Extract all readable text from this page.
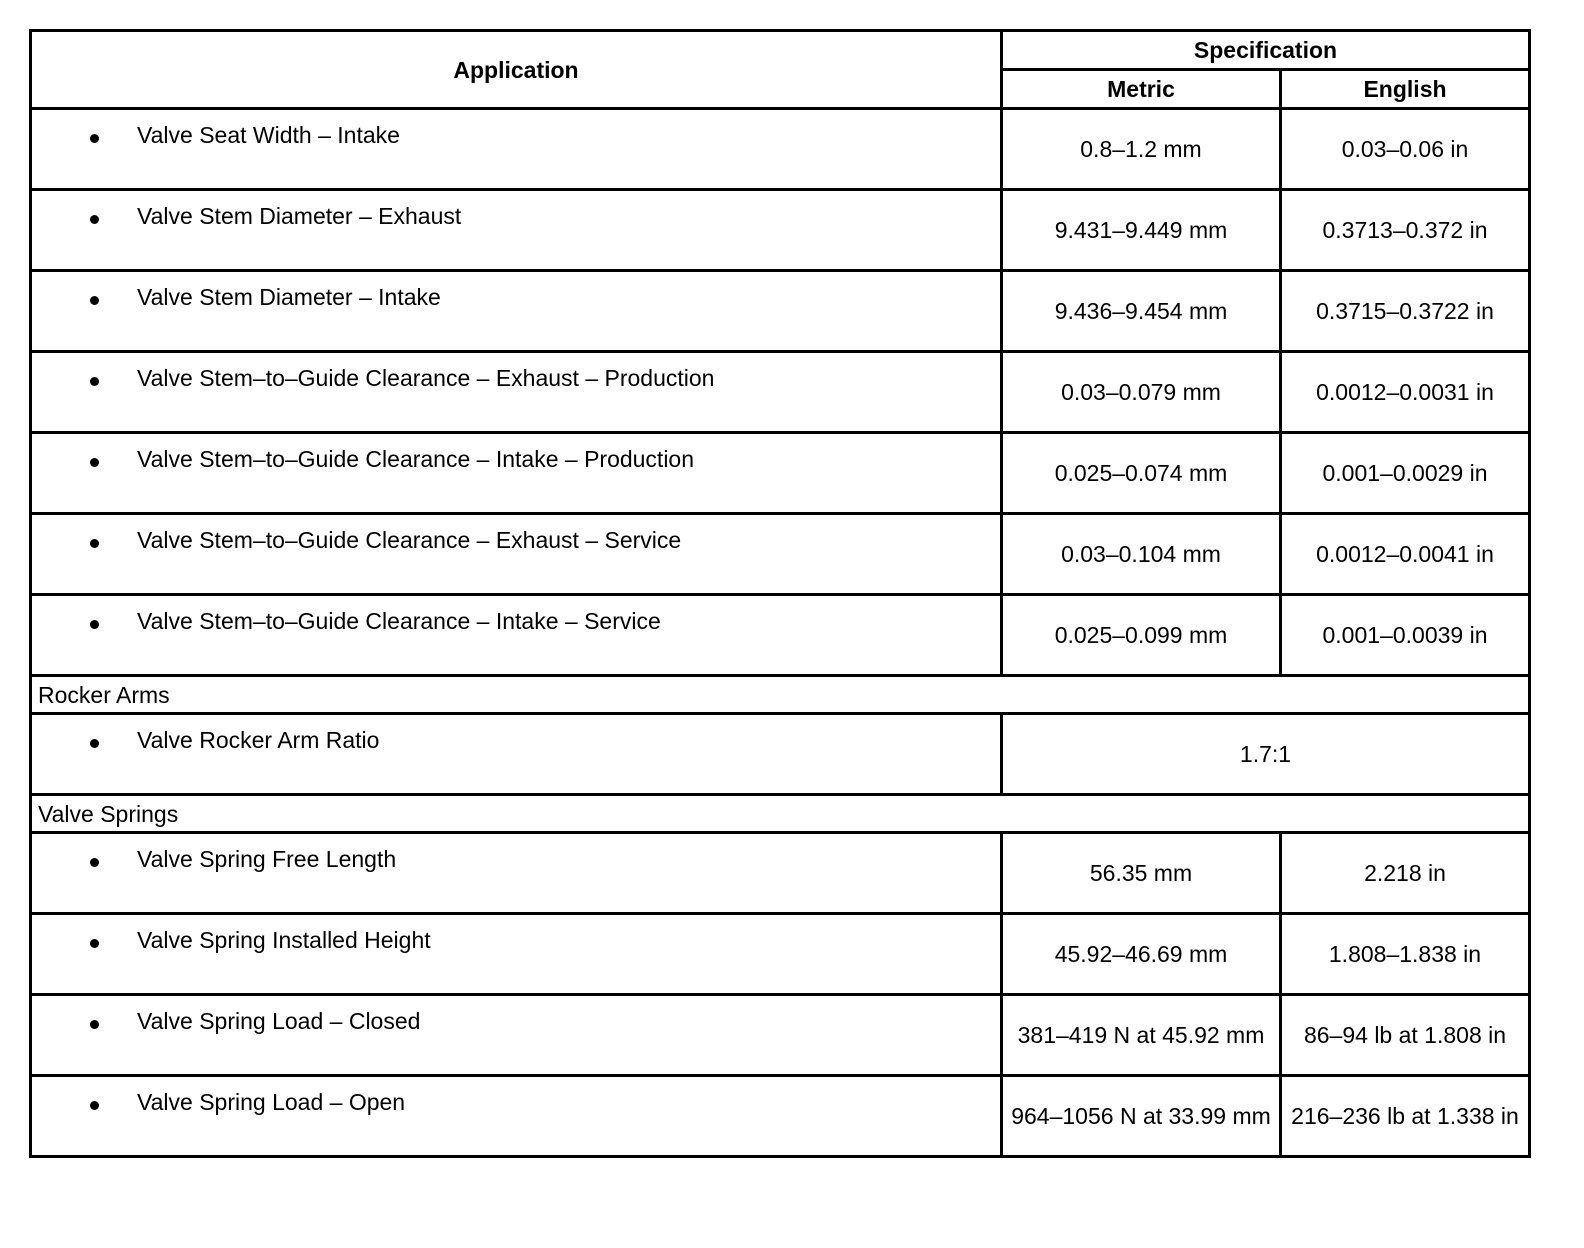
Application	Specification	
	Metric	English

Valve Seat Width – Intake	0.8–1.2 mm	0.03–0.06 in

Valve Stem Diameter – Exhaust	9.431–9.449 mm	0.3713–0.372 in

Valve Stem Diameter – Intake	9.436–9.454 mm	0.3715–0.3722 in

Valve Stem–to–Guide Clearance – Exhaust – Production	0.03–0.079 mm	0.0012–0.0031 in

Valve Stem–to–Guide Clearance – Intake – Production	0.025–0.074 mm	0.001–0.0029 in

Valve Stem–to–Guide Clearance – Exhaust – Service	0.03–0.104 mm	0.0012–0.0041 in

Valve Stem–to–Guide Clearance – Intake – Service	0.025–0.099 mm	0.001–0.0039 in
Rocker Arms		

Valve Rocker Arm Ratio	1.7:1	
Valve Springs		

Valve Spring Free Length	56.35 mm	2.218 in

Valve Spring Installed Height	45.92–46.69 mm	1.808–1.838 in

Valve Spring Load – Closed	381–419 N at 45.92 mm	86–94 lb at 1.808 in

Valve Spring Load – Open	964–1056 N at 33.99 mm	216–236 lb at 1.338 in
